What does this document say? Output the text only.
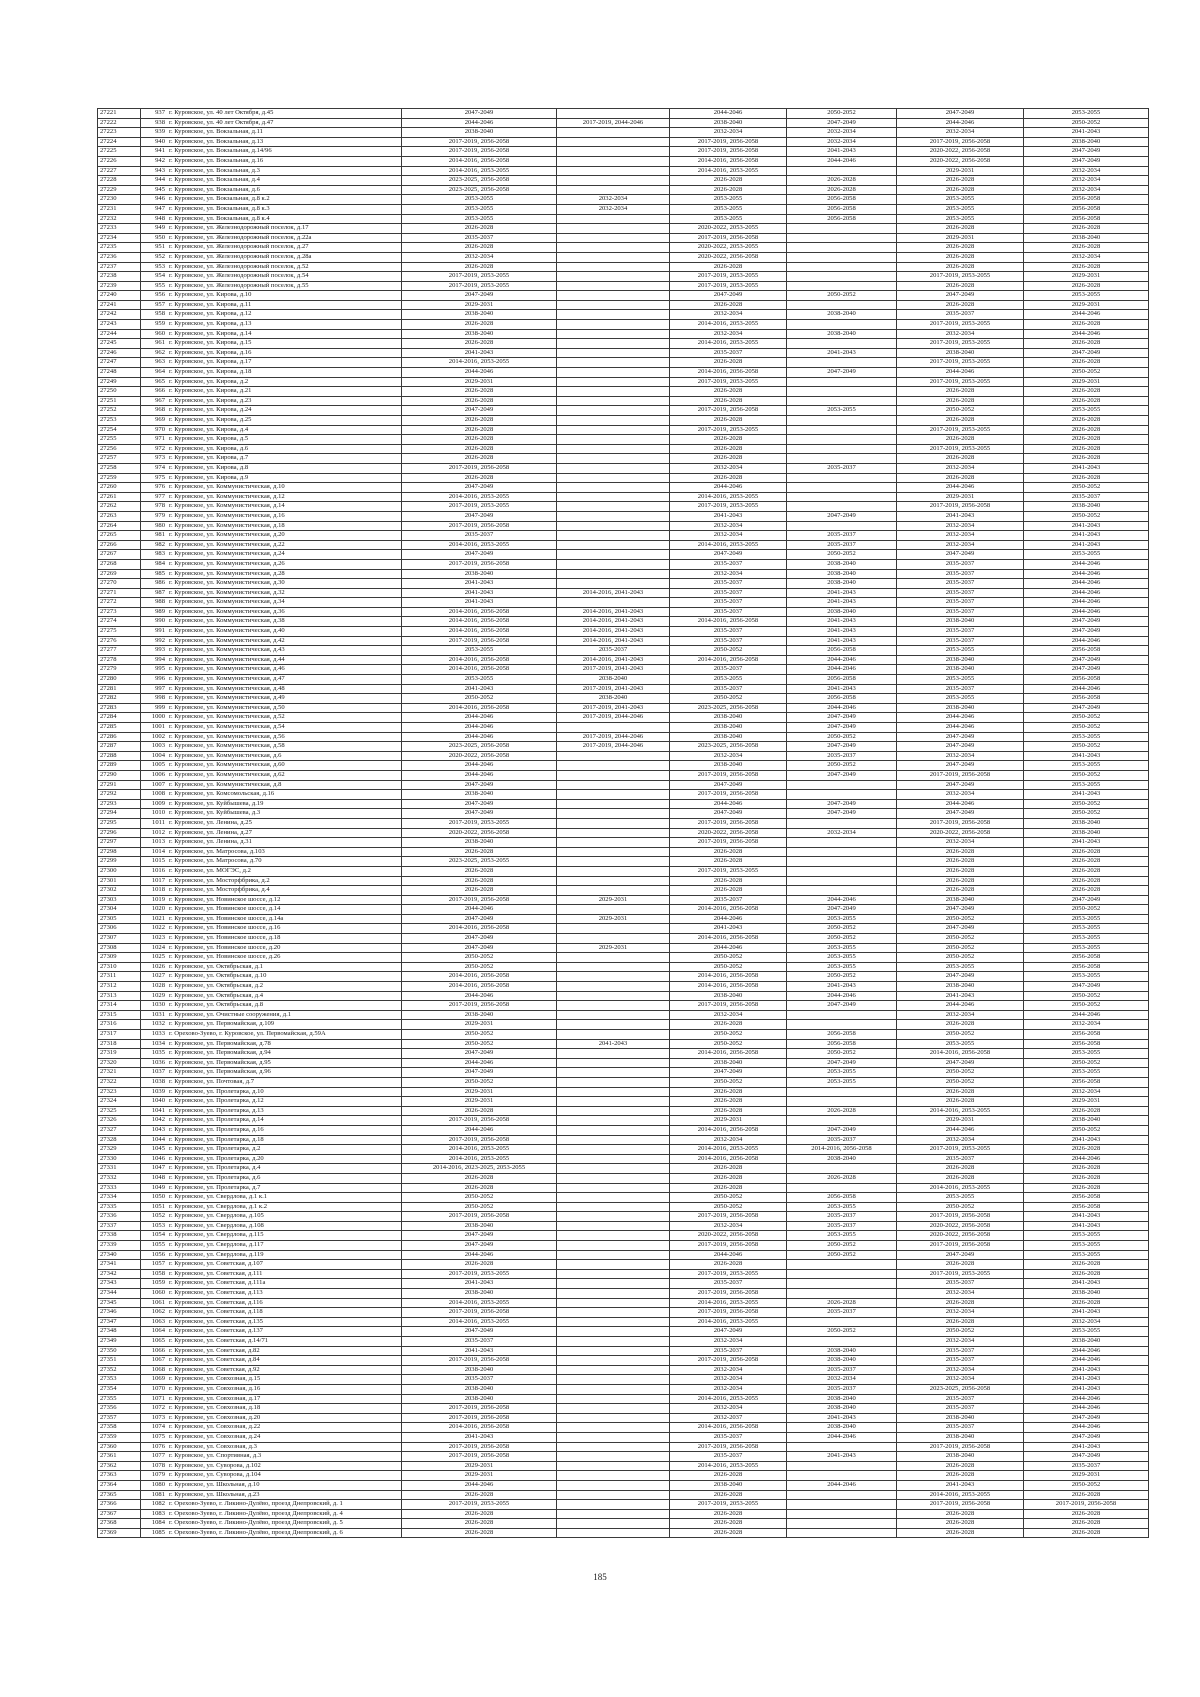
27221	937	г. Куровское, ул. 40 лет Октября, д.45	2047-2049		2044-2046	2050-2052	2047-2049	2053-2055
27222	938	г. Куровское, ул. 40 лет Октября, д.47	2044-2046	2017-2019, 2044-2046	2038-2040	2047-2049	2044-2046	2050-2052
27223	939	г. Куровское, ул. Вокзальная, д.11	2038-2040		2032-2034	2032-2034	2032-2034	2041-2043
27224	940	г. Куровское, ул. Вокзальная, д.13	2017-2019, 2056-2058		2017-2019, 2056-2058	2032-2034	2017-2019, 2056-2058	2038-2040
27225	941	г. Куровское, ул. Вокзальная, д.14/96	2017-2019, 2056-2058		2017-2019, 2056-2058	2041-2043	2020-2022, 2056-2058	2047-2049
27226	942	г. Куровское, ул. Вокзальная, д.16	2014-2016, 2056-2058		2014-2016, 2056-2058	2044-2046	2020-2022, 2056-2058	2047-2049
27227	943	г. Куровское, ул. Вокзальная, д.3	2014-2016, 2053-2055		2014-2016, 2053-2055		2029-2031	2032-2034
27228	944	г. Куровское, ул. Вокзальная, д.4	2023-2025, 2056-2058		2026-2028	2026-2028	2026-2028	2032-2034
27229	945	г. Куровское, ул. Вокзальная, д.6	2023-2025, 2056-2058		2026-2028	2026-2028	2026-2028	2032-2034
27230	946	г. Куровское, ул. Вокзальная, д.8 к.2	2053-2055	2032-2034	2053-2055	2056-2058	2053-2055	2056-2058
27231	947	г. Куровское, ул. Вокзальная, д.8 к.3	2053-2055	2032-2034	2053-2055	2056-2058	2053-2055	2056-2058
27232	948	г. Куровское, ул. Вокзальная, д.8 к.4	2053-2055		2053-2055	2056-2058	2053-2055	2056-2058
27233	949	г. Куровское, ул. Железнодорожный поселок, д.17	2026-2028		2020-2022, 2053-2055		2026-2028	2026-2028
27234	950	г. Куровское, ул. Железнодорожный поселок, д.22а	2035-2037		2017-2019, 2056-2058		2029-2031	2038-2040
27235	951	г. Куровское, ул. Железнодорожный поселок, д.27	2026-2028		2020-2022, 2053-2055		2026-2028	2026-2028
27236	952	г. Куровское, ул. Железнодорожный поселок, д.28а	2032-2034		2020-2022, 2056-2058		2026-2028	2032-2034
27237	953	г. Куровское, ул. Железнодорожный поселок, д.52	2026-2028		2026-2028		2026-2028	2026-2028
27238	954	г. Куровское, ул. Железнодорожный поселок, д.54	2017-2019, 2053-2055		2017-2019, 2053-2055		2017-2019, 2053-2055	2029-2031
27239	955	г. Куровское, ул. Железнодорожный поселок, д.55	2017-2019, 2053-2055		2017-2019, 2053-2055		2026-2028	2026-2028
27240	956	г. Куровское, ул. Кирова, д.10	2047-2049		2047-2049	2050-2052	2047-2049	2053-2055
27241	957	г. Куровское, ул. Кирова, д.11	2029-2031		2026-2028		2026-2028	2029-2031
27242	958	г. Куровское, ул. Кирова, д.12	2038-2040		2032-2034	2038-2040	2035-2037	2044-2046
27243	959	г. Куровское, ул. Кирова, д.13	2026-2028		2014-2016, 2053-2055		2017-2019, 2053-2055	2026-2028
27244	960	г. Куровское, ул. Кирова, д.14	2038-2040		2032-2034	2038-2040	2032-2034	2044-2046
27245	961	г. Куровское, ул. Кирова, д.15	2026-2028		2014-2016, 2053-2055		2017-2019, 2053-2055	2026-2028
27246	962	г. Куровское, ул. Кирова, д.16	2041-2043		2035-2037	2041-2043	2038-2040	2047-2049
27247	963	г. Куровское, ул. Кирова, д.17	2014-2016, 2053-2055		2026-2028		2017-2019, 2053-2055	2026-2028
27248	964	г. Куровское, ул. Кирова, д.18	2044-2046		2014-2016, 2056-2058	2047-2049	2044-2046	2050-2052
27249	965	г. Куровское, ул. Кирова, д.2	2029-2031		2017-2019, 2053-2055		2017-2019, 2053-2055	2029-2031
27250	966	г. Куровское, ул. Кирова, д.21	2026-2028		2026-2028		2026-2028	2026-2028
27251	967	г. Куровское, ул. Кирова, д.23	2026-2028		2026-2028		2026-2028	2026-2028
27252	968	г. Куровское, ул. Кирова, д.24	2047-2049		2017-2019, 2056-2058	2053-2055	2050-2052	2053-2055
27253	969	г. Куровское, ул. Кирова, д.25	2026-2028		2026-2028		2026-2028	2026-2028
27254	970	г. Куровское, ул. Кирова, д.4	2026-2028		2017-2019, 2053-2055		2017-2019, 2053-2055	2026-2028
27255	971	г. Куровское, ул. Кирова, д.5	2026-2028		2026-2028		2026-2028	2026-2028
27256	972	г. Куровское, ул. Кирова, д.6	2026-2028		2026-2028		2017-2019, 2053-2055	2026-2028
27257	973	г. Куровское, ул. Кирова, д.7	2026-2028		2026-2028		2026-2028	2026-2028
27258	974	г. Куровское, ул. Кирова, д.8	2017-2019, 2056-2058		2032-2034	2035-2037	2032-2034	2041-2043
27259	975	г. Куровское, ул. Кирова, д.9	2026-2028		2026-2028		2026-2028	2026-2028
27260	976	г. Куровское, ул. Коммунистическая, д.10	2047-2049		2044-2046		2044-2046	2050-2052
27261	977	г. Куровское, ул. Коммунистическая, д.12	2014-2016, 2053-2055		2014-2016, 2053-2055		2029-2031	2035-2037
27262	978	г. Куровское, ул. Коммунистическая, д.14	2017-2019, 2053-2055		2017-2019, 2053-2055		2017-2019, 2056-2058	2038-2040
27263	979	г. Куровское, ул. Коммунистическая, д.16	2047-2049		2041-2043	2047-2049	2041-2043	2050-2052
27264	980	г. Куровское, ул. Коммунистическая, д.18	2017-2019, 2056-2058		2032-2034		2032-2034	2041-2043
27265	981	г. Куровское, ул. Коммунистическая, д.20	2035-2037		2032-2034	2035-2037	2032-2034	2041-2043
27266	982	г. Куровское, ул. Коммунистическая, д.22	2014-2016, 2053-2055		2014-2016, 2053-2055	2035-2037	2032-2034	2041-2043
27267	983	г. Куровское, ул. Коммунистическая, д.24	2047-2049		2047-2049	2050-2052	2047-2049	2053-2055
27268	984	г. Куровское, ул. Коммунистическая, д.26	2017-2019, 2056-2058		2035-2037	2038-2040	2035-2037	2044-2046
27269	985	г. Куровское, ул. Коммунистическая, д.28	2038-2040		2032-2034	2038-2040	2035-2037	2044-2046
27270	986	г. Куровское, ул. Коммунистическая, д.30	2041-2043		2035-2037	2038-2040	2035-2037	2044-2046
27271	987	г. Куровское, ул. Коммунистическая, д.32	2041-2043	2014-2016, 2041-2043	2035-2037	2041-2043	2035-2037	2044-2046
27272	988	г. Куровское, ул. Коммунистическая, д.34	2041-2043		2035-2037	2041-2043	2035-2037	2044-2046
27273	989	г. Куровское, ул. Коммунистическая, д.36	2014-2016, 2056-2058	2014-2016, 2041-2043	2035-2037	2038-2040	2035-2037	2044-2046
27274	990	г. Куровское, ул. Коммунистическая, д.38	2014-2016, 2056-2058	2014-2016, 2041-2043	2014-2016, 2056-2058	2041-2043	2038-2040	2047-2049
27275	991	г. Куровское, ул. Коммунистическая, д.40	2014-2016, 2056-2058	2014-2016, 2041-2043	2035-2037	2041-2043	2035-2037	2047-2049
27276	992	г. Куровское, ул. Коммунистическая, д.42	2017-2019, 2056-2058	2014-2016, 2041-2043	2035-2037	2041-2043	2035-2037	2044-2046
27277	993	г. Куровское, ул. Коммунистическая, д.43	2053-2055	2035-2037	2050-2052	2056-2058	2053-2055	2056-2058
27278	994	г. Куровское, ул. Коммунистическая, д.44	2014-2016, 2056-2058	2014-2016, 2041-2043	2014-2016, 2056-2058	2044-2046	2038-2040	2047-2049
27279	995	г. Куровское, ул. Коммунистическая, д.46	2014-2016, 2056-2058	2017-2019, 2041-2043	2035-2037	2044-2046	2038-2040	2047-2049
27280	996	г. Куровское, ул. Коммунистическая, д.47	2053-2055	2038-2040	2053-2055	2056-2058	2053-2055	2056-2058
27281	997	г. Куровское, ул. Коммунистическая, д.48	2041-2043	2017-2019, 2041-2043	2035-2037	2041-2043	2035-2037	2044-2046
27282	998	г. Куровское, ул. Коммунистическая, д.49	2050-2052	2038-2040	2050-2052	2056-2058	2053-2055	2056-2058
27283	999	г. Куровское, ул. Коммунистическая, д.50	2014-2016, 2056-2058	2017-2019, 2041-2043	2023-2025, 2056-2058	2044-2046	2038-2040	2047-2049
27284	1000	г. Куровское, ул. Коммунистическая, д.52	2044-2046	2017-2019, 2044-2046	2038-2040	2047-2049	2044-2046	2050-2052
27285	1001	г. Куровское, ул. Коммунистическая, д.54	2044-2046		2038-2040	2047-2049	2044-2046	2050-2052
27286	1002	г. Куровское, ул. Коммунистическая, д.56	2044-2046	2017-2019, 2044-2046	2038-2040	2050-2052	2047-2049	2053-2055
27287	1003	г. Куровское, ул. Коммунистическая, д.58	2023-2025, 2056-2058	2017-2019, 2044-2046	2023-2025, 2056-2058	2047-2049	2047-2049	2050-2052
27288	1004	г. Куровское, ул. Коммунистическая, д.6	2020-2022, 2056-2058		2032-2034	2035-2037	2032-2034	2041-2043
27289	1005	г. Куровское, ул. Коммунистическая, д.60	2044-2046		2038-2040	2050-2052	2047-2049	2053-2055
27290	1006	г. Куровское, ул. Коммунистическая, д.62	2044-2046		2017-2019, 2056-2058	2047-2049	2017-2019, 2056-2058	2050-2052
27291	1007	г. Куровское, ул. Коммунистическая, д.8	2047-2049		2047-2049		2047-2049	2053-2055
27292	1008	г. Куровское, ул. Комсомольская, д.16	2038-2040		2017-2019, 2056-2058		2032-2034	2041-2043
27293	1009	г. Куровское, ул. Куйбышева, д.19	2047-2049		2044-2046	2047-2049	2044-2046	2050-2052
27294	1010	г. Куровское, ул. Куйбышева, д.3	2047-2049		2047-2049	2047-2049	2047-2049	2050-2052
27295	1011	г. Куровское, ул. Ленина, д.25	2017-2019, 2053-2055		2017-2019, 2056-2058		2017-2019, 2056-2058	2038-2040
27296	1012	г. Куровское, ул. Ленина, д.27	2020-2022, 2056-2058		2020-2022, 2056-2058	2032-2034	2020-2022, 2056-2058	2038-2040
27297	1013	г. Куровское, ул. Ленина, д.31	2038-2040		2017-2019, 2056-2058		2032-2034	2041-2043
27298	1014	г. Куровское, ул. Матросова, д.103	2026-2028		2026-2028		2026-2028	2026-2028
27299	1015	г. Куровское, ул. Матросова, д.70	2023-2025, 2053-2055		2026-2028		2026-2028	2026-2028
27300	1016	г. Куровское, ул. МОГЭС, д.2	2026-2028		2017-2019, 2053-2055		2026-2028	2026-2028
27301	1017	г. Куровское, ул. Мосторфбрика, д.2	2026-2028		2026-2028		2026-2028	2026-2028
27302	1018	г. Куровское, ул. Мосторфбрика, д.4	2026-2028		2026-2028		2026-2028	2026-2028
27303	1019	г. Куровское, ул. Новинское шоссе, д.12	2017-2019, 2056-2058	2029-2031	2035-2037	2044-2046	2038-2040	2047-2049
27304	1020	г. Куровское, ул. Новинское шоссе, д.14	2044-2046		2014-2016, 2056-2058	2047-2049	2047-2049	2050-2052
27305	1021	г. Куровское, ул. Новинское шоссе, д.14а	2047-2049	2029-2031	2044-2046	2053-2055	2050-2052	2053-2055
27306	1022	г. Куровское, ул. Новинское шоссе, д.16	2014-2016, 2056-2058		2041-2043	2050-2052	2047-2049	2053-2055
27307	1023	г. Куровское, ул. Новинское шоссе, д.18	2047-2049		2014-2016, 2056-2058	2050-2052	2050-2052	2053-2055
27308	1024	г. Куровское, ул. Новинское шоссе, д.20	2047-2049	2029-2031	2044-2046	2053-2055	2050-2052	2053-2055
27309	1025	г. Куровское, ул. Новинское шоссе, д.26	2050-2052		2050-2052	2053-2055	2050-2052	2056-2058
27310	1026	г. Куровское, ул. Октябрьская, д.1	2050-2052		2050-2052	2053-2055	2053-2055	2056-2058
27311	1027	г. Куровское, ул. Октябрьская, д.10	2014-2016, 2056-2058		2014-2016, 2056-2058	2050-2052	2047-2049	2053-2055
27312	1028	г. Куровское, ул. Октябрьская, д.2	2014-2016, 2056-2058		2014-2016, 2056-2058	2041-2043	2038-2040	2047-2049
27313	1029	г. Куровское, ул. Октябрьская, д.4	2044-2046		2038-2040	2044-2046	2041-2043	2050-2052
27314	1030	г. Куровское, ул. Октябрьская, д.8	2017-2019, 2056-2058		2017-2019, 2056-2058	2047-2049	2044-2046	2050-2052
27315	1031	г. Куровское, ул. Очистные сооружения, д.1	2038-2040		2032-2034		2032-2034	2044-2046
27316	1032	г. Куровское, ул. Первомайская, д.109	2029-2031		2026-2028		2026-2028	2032-2034
27317	1033	г. Орехово-Зуево, г. Куровское, ул. Первомайская, д.59А	2050-2052		2050-2052	2056-2058	2050-2052	2056-2058
27318	1034	г. Куровское, ул. Первомайская, д.78	2050-2052	2041-2043	2050-2052	2056-2058	2053-2055	2056-2058
27319	1035	г. Куровское, ул. Первомайская, д.94	2047-2049		2014-2016, 2056-2058	2050-2052	2014-2016, 2056-2058	2053-2055
27320	1036	г. Куровское, ул. Первомайская, д.95	2044-2046		2038-2040	2047-2049	2047-2049	2050-2052
27321	1037	г. Куровское, ул. Первомайская, д.96	2047-2049		2047-2049	2053-2055	2050-2052	2053-2055
27322	1038	г. Куровское, ул. Почтовая, д.7	2050-2052		2050-2052	2053-2055	2050-2052	2056-2058
27323	1039	г. Куровское, ул. Пролетарка, д.10	2029-2031		2026-2028		2026-2028	2032-2034
27324	1040	г. Куровское, ул. Пролетарка, д.12	2029-2031		2026-2028		2026-2028	2029-2031
27325	1041	г. Куровское, ул. Пролетарка, д.13	2026-2028		2026-2028	2026-2028	2014-2016, 2053-2055	2026-2028
27326	1042	г. Куровское, ул. Пролетарка, д.14	2017-2019, 2056-2058		2029-2031		2029-2031	2038-2040
27327	1043	г. Куровское, ул. Пролетарка, д.16	2044-2046		2014-2016, 2056-2058	2047-2049	2044-2046	2050-2052
27328	1044	г. Куровское, ул. Пролетарка, д.18	2017-2019, 2056-2058		2032-2034	2035-2037	2032-2034	2041-2043
27329	1045	г. Куровское, ул. Пролетарка, д.2	2014-2016, 2053-2055		2014-2016, 2053-2055	2014-2016, 2056-2058	2017-2019, 2053-2055	2026-2028
27330	1046	г. Куровское, ул. Пролетарка, д.20	2014-2016, 2053-2055		2014-2016, 2056-2058	2038-2040	2035-2037	2044-2046
27331	1047	г. Куровское, ул. Пролетарка, д.4	2014-2016, 2023-2025, 2053-2055		2026-2028		2026-2028	2026-2028
27332	1048	г. Куровское, ул. Пролетарка, д.6	2026-2028		2026-2028	2026-2028	2026-2028	2026-2028
27333	1049	г. Куровское, ул. Пролетарка, д.7	2026-2028		2026-2028		2014-2016, 2053-2055	2026-2028
27334	1050	г. Куровское, ул. Свердлова, д.1 к.1	2050-2052		2050-2052	2056-2058	2053-2055	2056-2058
27335	1051	г. Куровское, ул. Свердлова, д.1 к.2	2050-2052		2050-2052	2053-2055	2050-2052	2056-2058
27336	1052	г. Куровское, ул. Свердлова, д.105	2017-2019, 2056-2058		2017-2019, 2056-2058	2035-2037	2017-2019, 2056-2058	2041-2043
27337	1053	г. Куровское, ул. Свердлова, д.108	2038-2040		2032-2034	2035-2037	2020-2022, 2056-2058	2041-2043
27338	1054	г. Куровское, ул. Свердлова, д.115	2047-2049		2020-2022, 2056-2058	2053-2055	2020-2022, 2056-2058	2053-2055
27339	1055	г. Куровское, ул. Свердлова, д.117	2047-2049		2017-2019, 2056-2058	2050-2052	2017-2019, 2056-2058	2053-2055
27340	1056	г. Куровское, ул. Свердлова, д.119	2044-2046		2044-2046	2050-2052	2047-2049	2053-2055
27341	1057	г. Куровское, ул. Советская, д.107	2026-2028		2026-2028		2026-2028	2026-2028
27342	1058	г. Куровское, ул. Советская, д.111	2017-2019, 2053-2055		2017-2019, 2053-2055		2017-2019, 2053-2055	2026-2028
27343	1059	г. Куровское, ул. Советская, д.111а	2041-2043		2035-2037		2035-2037	2041-2043
27344	1060	г. Куровское, ул. Советская, д.113	2038-2040		2017-2019, 2056-2058		2032-2034	2038-2040
27345	1061	г. Куровское, ул. Советская, д.116	2014-2016, 2053-2055		2014-2016, 2053-2055	2026-2028	2026-2028	2026-2028
27346	1062	г. Куровское, ул. Советская, д.118	2017-2019, 2056-2058		2017-2019, 2056-2058	2035-2037	2032-2034	2041-2043
27347	1063	г. Куровское, ул. Советская, д.135	2014-2016, 2053-2055		2014-2016, 2053-2055		2026-2028	2032-2034
27348	1064	г. Куровское, ул. Советская, д.137	2047-2049		2047-2049	2050-2052	2050-2052	2053-2055
27349	1065	г. Куровское, ул. Советская, д.14/71	2035-2037		2032-2034		2032-2034	2038-2040
27350	1066	г. Куровское, ул. Советская, д.82	2041-2043		2035-2037	2038-2040	2035-2037	2044-2046
27351	1067	г. Куровское, ул. Советская, д.84	2017-2019, 2056-2058		2017-2019, 2056-2058	2038-2040	2035-2037	2044-2046
27352	1068	г. Куровское, ул. Советская, д.92	2038-2040		2032-2034	2035-2037	2032-2034	2041-2043
27353	1069	г. Куровское, ул. Совхозная, д.15	2035-2037		2032-2034	2032-2034	2032-2034	2041-2043
27354	1070	г. Куровское, ул. Совхозная, д.16	2038-2040		2032-2034	2035-2037	2023-2025, 2056-2058	2041-2043
27355	1071	г. Куровское, ул. Совхозная, д.17	2038-2040		2014-2016, 2053-2055	2038-2040	2035-2037	2044-2046
27356	1072	г. Куровское, ул. Совхозная, д.18	2017-2019, 2056-2058		2032-2034	2038-2040	2035-2037	2044-2046
27357	1073	г. Куровское, ул. Совхозная, д.20	2017-2019, 2056-2058		2032-2037	2041-2043	2038-2040	2047-2049
27358	1074	г. Куровское, ул. Совхозная, д.22	2014-2016, 2056-2058		2014-2016, 2056-2058	2038-2040	2035-2037	2044-2046
27359	1075	г. Куровское, ул. Совхозная, д.24	2041-2043		2035-2037	2044-2046	2038-2040	2047-2049
27360	1076	г. Куровское, ул. Совхозная, д.3	2017-2019, 2056-2058		2017-2019, 2056-2058		2017-2019, 2056-2058	2041-2043
27361	1077	г. Куровское, ул. Спортивная, д.3	2017-2019, 2056-2058		2035-2037	2041-2043	2038-2040	2047-2049
27362	1078	г. Куровское, ул. Суворова, д.102	2029-2031		2014-2016, 2053-2055		2026-2028	2035-2037
27363	1079	г. Куровское, ул. Суворова, д.104	2029-2031		2026-2028		2026-2028	2029-2031
27364	1080	г. Куровское, ул. Школьная, д.10	2044-2046		2038-2040	2044-2046	2041-2043	2050-2052
27365	1081	г. Куровское, ул. Школьная, д.23	2026-2028		2026-2028		2014-2016, 2053-2055	2026-2028
27366	1082	г. Орехово-Зуево, г. Ликино-Дулёво, проезд Днепровский, д. 1	2017-2019, 2053-2055		2017-2019, 2053-2055		2017-2019, 2056-2058	2017-2019, 2056-2058
27367	1083	г. Орехово-Зуево, г. Ликино-Дулёво, проезд Днепровский, д. 4	2026-2028		2026-2028		2026-2028	2026-2028
27368	1084	г. Орехово-Зуево, г. Ликино-Дулёво, проезд Днепровский, д. 5	2026-2028		2026-2028		2026-2028	2026-2028
27369	1085	г. Орехово-Зуево, г. Ликино-Дулёво, проезд Днепровский, д. 6	2026-2028		2026-2028		2026-2028	2026-2028
185
